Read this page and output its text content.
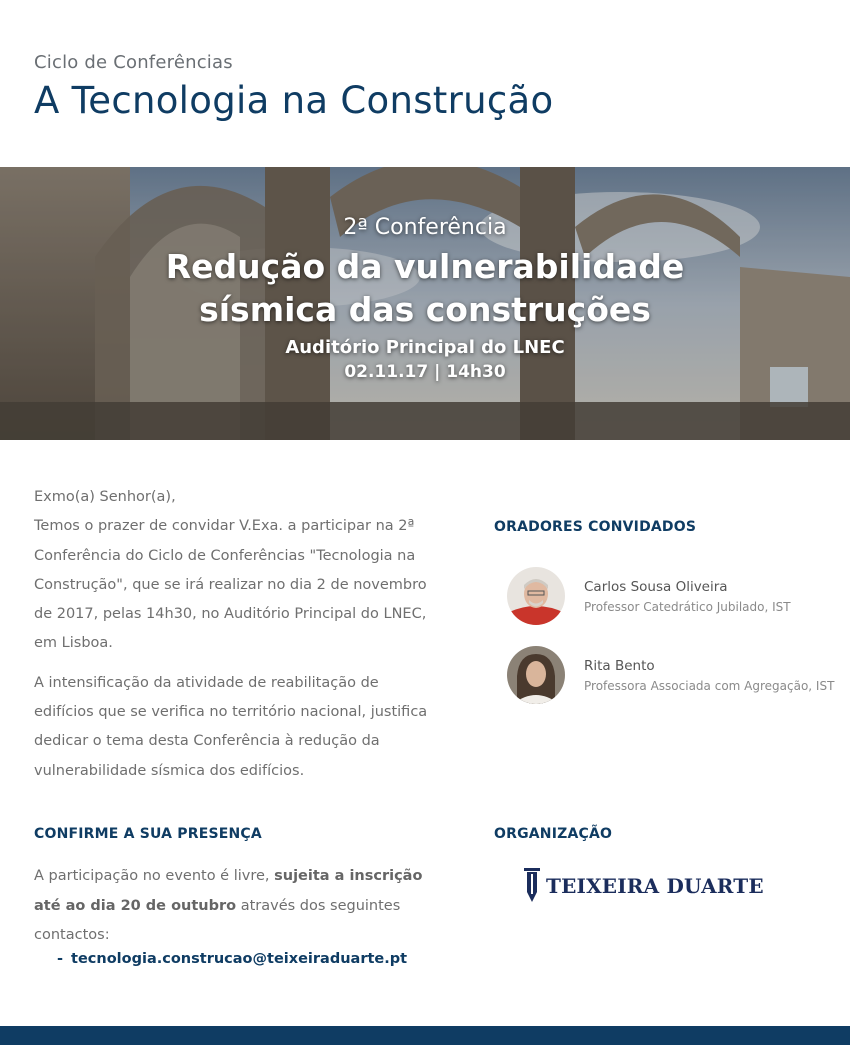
Ciclo de Conferências
A Tecnologia na Construção
2ª Conferência
Redução da vulnerabilidade
sísmica das construções
Auditório Principal do LNEC
02.11.17 | 14h30

Exmo(a) Senhor(a),

Temos o prazer de convidar V.Exa. a participar na 2ª Conferência do Ciclo de Conferências "Tecnologia na Construção", que se irá realizar no dia 2 de novembro de 2017, pelas 14h30, no Auditório Principal do LNEC, em Lisboa.

A intensificação da atividade de reabilitação de edifícios que se verifica no território nacional, justifica dedicar o tema desta Conferência à redução da vulnerabilidade sísmica dos edifícios.

ORADORES CONVIDADOS
Carlos Sousa Oliveira
Professor Catedrático Jubilado, IST
Rita Bento
Professora Associada com Agregação, IST
CONFIRME A SUA PRESENÇA
A participação no evento é livre, sujeita a inscrição até ao dia 20 de outubro através dos seguintes contactos:
- tecnologia.construcao@teixeiraduarte.pt
ORGANIZAÇÃO
TEIXEIRA DUARTE
